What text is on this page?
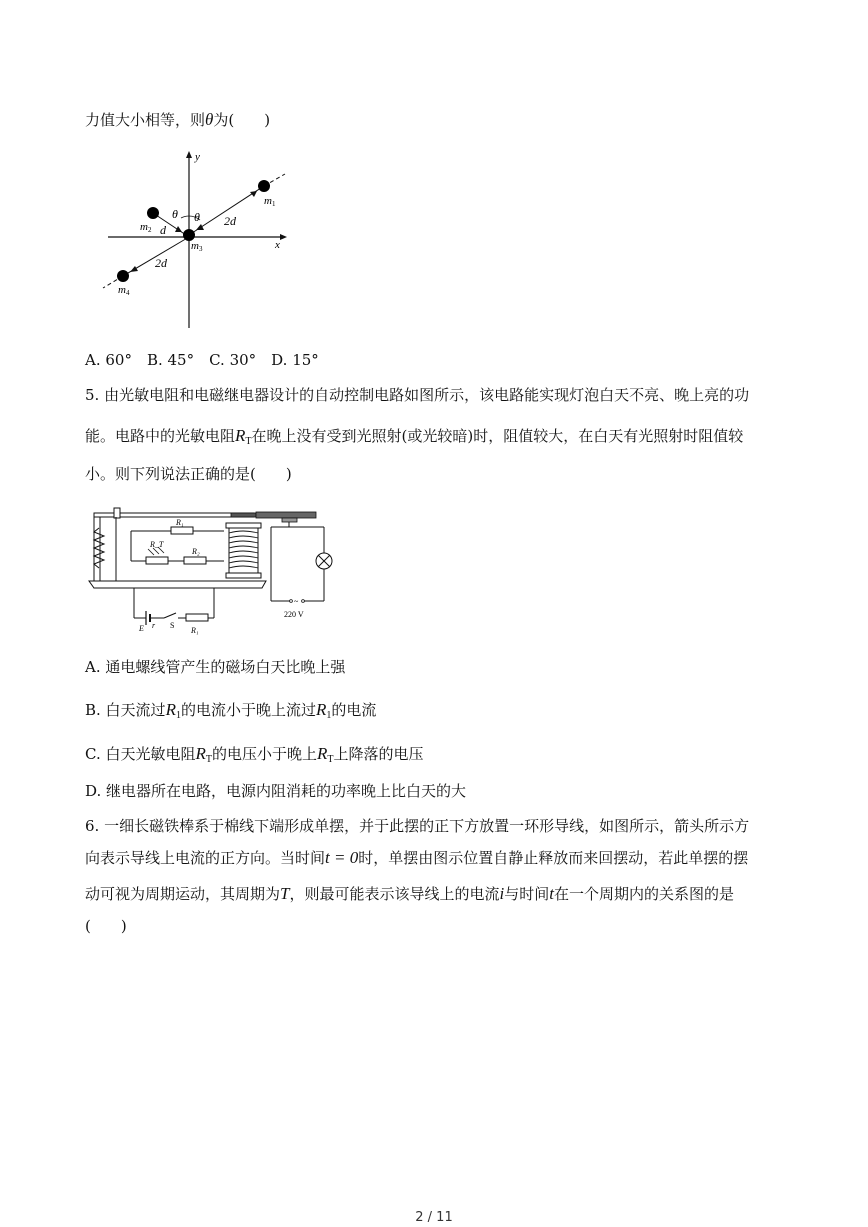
力值大小相等，则θ为(　　)
x
y
m1
m2
m3
m4
θ θ
d
2d
2d
A. 60°　B. 45°　C. 30°　D. 15°
5. 由光敏电阻和电磁继电器设计的自动控制电路如图所示，该电路能实现灯泡白天不亮、晚上亮的功
能。电路中的光敏电阻$R_T$在晚上没有受到光照射(或光较暗)时，阻值较大，在白天有光照射时阻值较
小。则下列说法正确的是(　　)
R₁
R_T
R₂
E r S
R₁
~
220 V
A. 通电螺线管产生的磁场白天比晚上强
B. 白天流过$R_1$的电流小于晚上流过$R_1$的电流
C. 白天光敏电阻$R_T$的电压小于晚上$R_T$上降落的电压
D. 继电器所在电路，电源内阻消耗的功率晚上比白天的大
6. 一细长磁铁棒系于棉线下端形成单摆，并于此摆的正下方放置一环形导线，如图所示，箭头所示方
向表示导线上电流的正方向。当时间t = 0时，单摆由图示位置自静止释放而来回摆动，若此单摆的摆
动可视为周期运动，其周期为T，则最可能表示该导线上的电流i与时间t在一个周期内的关系图的是
(　　)
2 / 11
